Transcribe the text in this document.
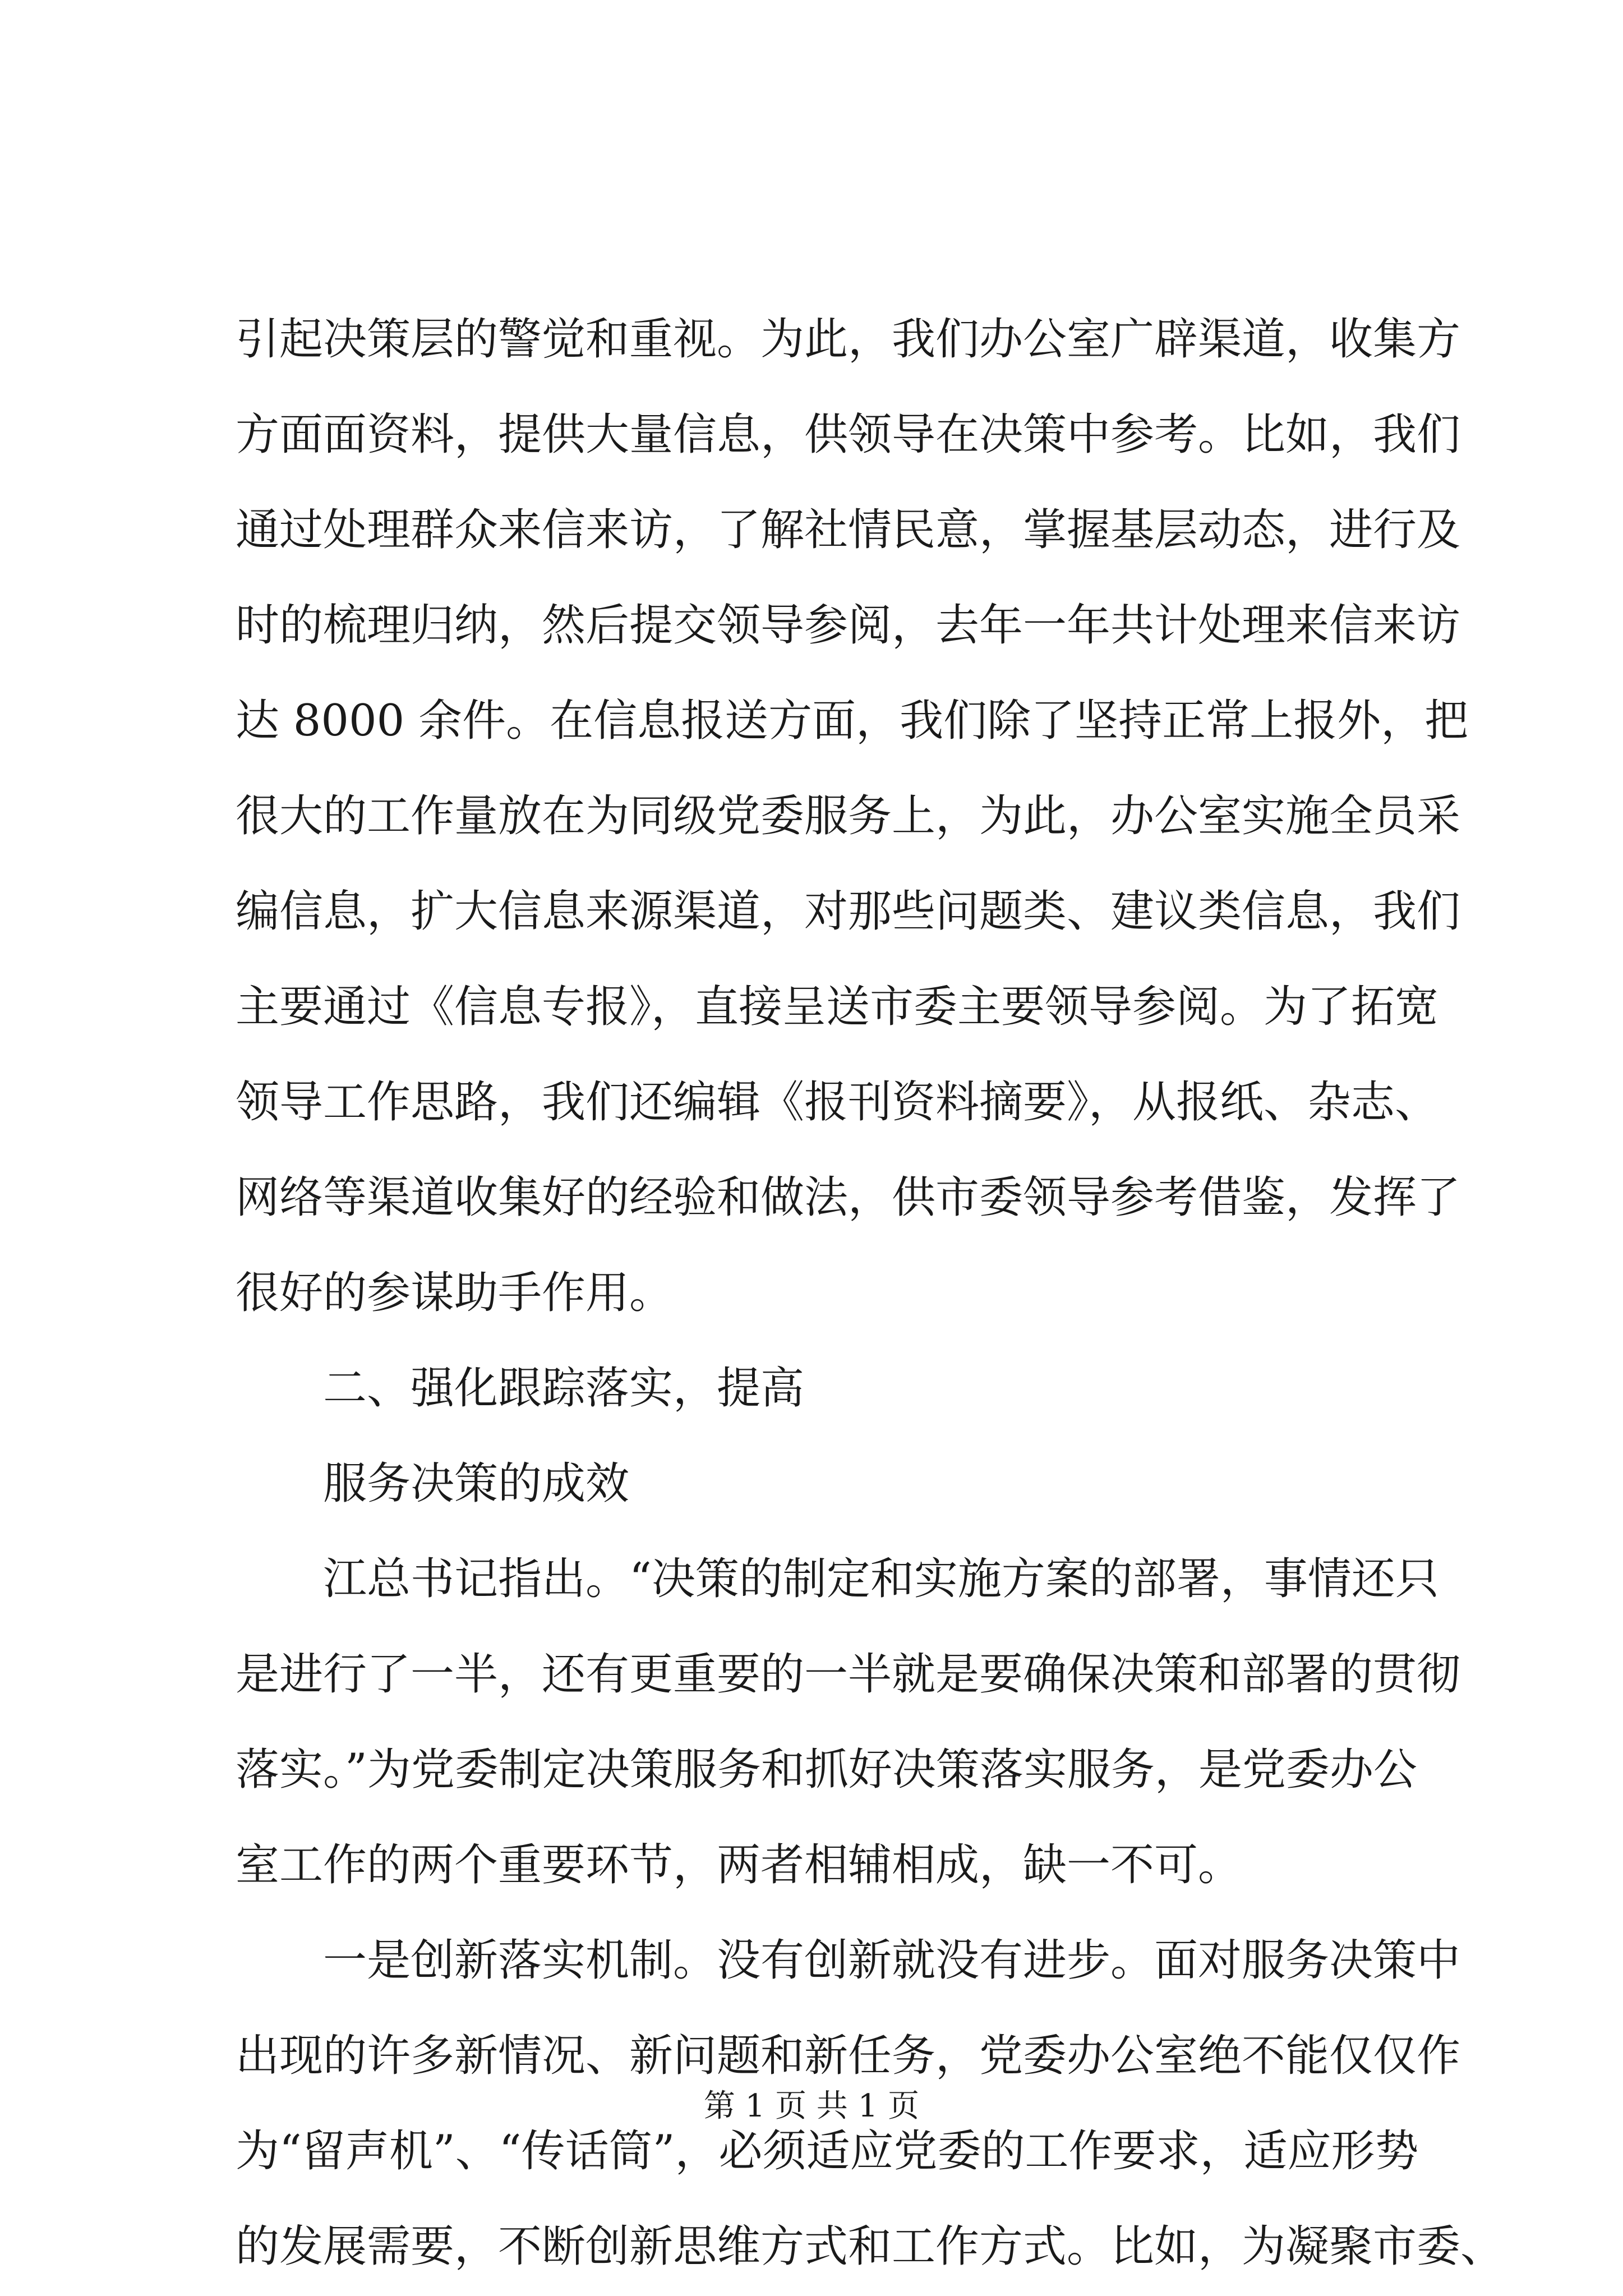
引起决策层的警觉和重视。为此，我们办公室广辟渠道，收集方
方面面资料，提供大量信息，供领导在决策中参考。比如，我们
通过处理群众来信来访，了解社情民意，掌握基层动态，进行及
时的梳理归纳，然后提交领导参阅，去年一年共计处理来信来访
达 8000 余件。在信息报送方面，我们除了坚持正常上报外，把
很大的工作量放在为同级党委服务上，为此，办公室实施全员采
编信息，扩大信息来源渠道，对那些问题类、建议类信息，我们
主要通过《信息专报》，直接呈送市委主要领导参阅。为了拓宽
领导工作思路，我们还编辑《报刊资料摘要》，从报纸、杂志、
网络等渠道收集好的经验和做法，供市委领导参考借鉴，发挥了
很好的参谋助手作用。
二、强化跟踪落实，提高
服务决策的成效
江总书记指出。“决策的制定和实施方案的部署，事情还只
是进行了一半，还有更重要的一半就是要确保决策和部署的贯彻
落实。”为党委制定决策服务和抓好决策落实服务，是党委办公
室工作的两个重要环节，两者相辅相成，缺一不可。
一是创新落实机制。没有创新就没有进步。面对服务决策中
出现的许多新情况、新问题和新任务，党委办公室绝不能仅仅作
为“留声机”、“传话筒”，必须适应党委的工作要求，适应形势
的发展需要，不断创新思维方式和工作方式。比如，为凝聚市委、
第 1 页 共 1 页
